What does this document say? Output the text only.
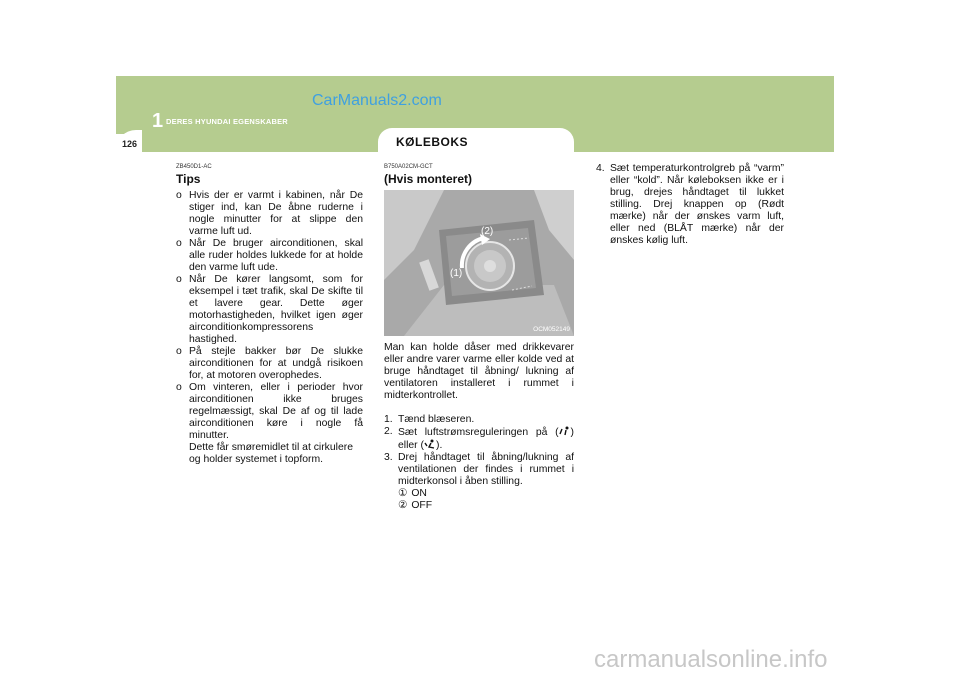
1 DERES HYUNDAI EGENSKABER
CarManuals2.com
126	KØLEBOKS
ZB450D1-AC
Tips
o Hvis der er varmt i kabinen, når De stiger ind, kan De åbne ruderne i nogle minutter for at slippe den varme luft ud.
o Når De bruger airconditionen, skal alle ruder holdes lukkede for at holde den varme luft ude.
o Når De kører langsomt, som for eksempel i tæt trafik, skal De skifte til et lavere gear. Dette øger motorhastigheden, hvilket igen øger airconditionkompressorens hastighed.
o På stejle bakker bør De slukke airconditionen for at undgå risikoen for, at motoren overophedes.
o Om vinteren, eller i perioder hvor airconditionen ikke bruges regelmæssigt, skal De af og til lade airconditionen køre i nogle få minutter.
Dette får smøremidlet til at cirkulere og holder systemet i topform.
B750A02CM-GCT
(Hvis monteret)
(2)
(1)
OCM052149
Man kan holde dåser med drikkevarer eller andre varer varme eller kolde ved at bruge håndtaget til åbning/ lukning af ventilatoren installeret i rummet i midterkontrollet.
1. Tænd blæseren.
2. Sæt luftstrømsreguleringen på ( ) eller ( ).
3. Drej håndtaget til åbning/lukning af ventilationen der findes i rummet i midterkonsol i åben stilling.
① ON
② OFF
4. Sæt temperaturkontrolgreb på “varm” eller “kold”. Når køleboksen ikke er i brug, drejes håndtaget til lukket stilling. Drej knappen op (Rødt mærke) når der ønskes varm luft, eller ned (BLÅT mærke) når der ønskes kølig luft.
carmanualsonline.info
